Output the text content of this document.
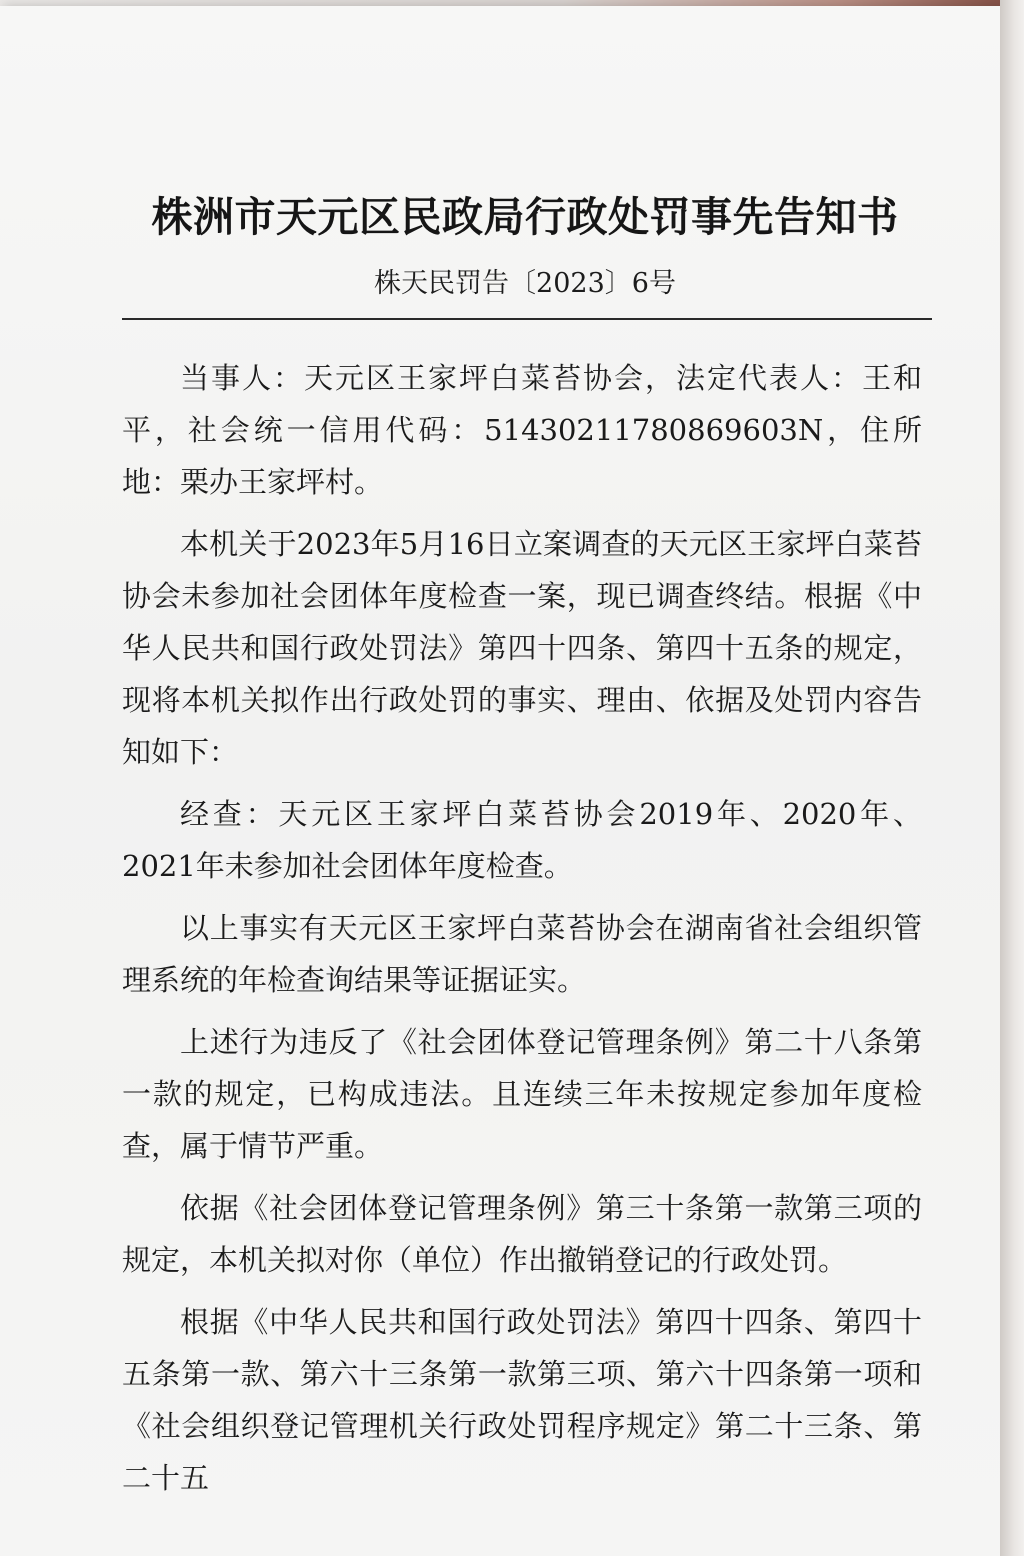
株洲市天元区民政局行政处罚事先告知书
株天民罚告〔2023〕6号

当事人：天元区王家坪白菜苔协会，法定代表人：王和平，社会统一信用代码：5143021178086960​3N，住所地：栗办王家坪村。

本机关于2023年5月16日立案调查的天元区王家坪白菜苔协会未参加社会团体年度检查一案，现已调查终结。根据《中华人民共和国行政处罚法》第四十四条、第四十五条的规定，现将本机关拟作出行政处罚的事实、理由、依据及处罚内容告知如下：

经查：天元区王家坪白菜苔协会2019年、2020年、2021年未参加社会团体年度检查。

以上事实有天元区王家坪白菜苔协会在湖南省社会组织管理系统的年检查询结果等证据证实。

上述行为违反了《社会团体登记管理条例》第二十八条第一款的规定，已构成违法。且连续三年未按规定参加年度检查，属于情节严重。

依据《社会团体登记管理条例》第三十条第一款第三项的规定，本机关拟对你（单位）作出撤销登记的行政处罚。

根据《中华人民共和国行政处罚法》第四十四条、第四十五条第一款、第六十三条第一款第三项、第六十四条第一项和《社会组织登记管理机关行政处罚程序规定》第二十三条、第二十五
